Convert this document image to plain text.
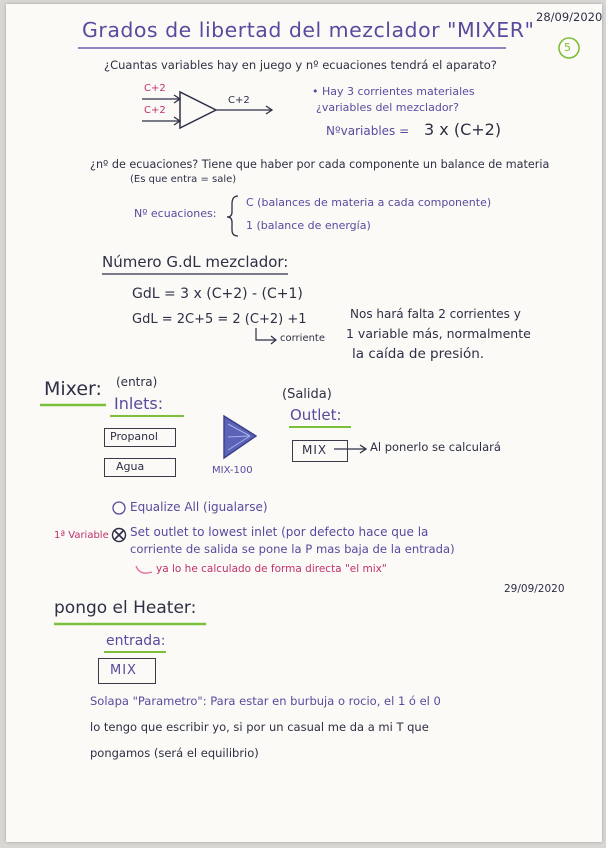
Grados de libertad del mezclador "MIXER"
28/09/2020
5
¿Cuantas variables hay en juego y nº ecuaciones tendrá el aparato?
C+2
C+2
C+2
• Hay 3 corrientes materiales
¿variables del mezclador?
Nºvariables = 3 x (C+2)
¿nº de ecuaciones? Tiene que haber por cada componente un balance de materia
(Es que entra = sale)
Nº ecuaciones:
C (balances de materia a cada componente)
1 (balance de energía)
Número G.dL mezclador:
GdL = 3 x (C+2) - (C+1)
GdL = 2C+5 = 2 (C+2) +1
corriente
Nos hará falta 2 corrientes y
1 variable más, normalmente
la caída de presión.
Mixer: (entra)
Inlets:
Propanol
Agua	MIX-100
(Salida)
Outlet:
MIX	Al ponerlo se calculará
Equalize All (igualarse)
1ª Variable Set outlet to lowest inlet (por defecto hace que la
corriente de salida se pone la P mas baja de la entrada)
ya lo he calculado de forma directa "el mix"
29/09/2020
pongo el Heater:
entrada:
MIX
Solapa "Parametro": Para estar en burbuja o rocio, el 1 ó el 0
lo tengo que escribir yo, si por un casual me da a mi T que
pongamos (será el equilibrio)
